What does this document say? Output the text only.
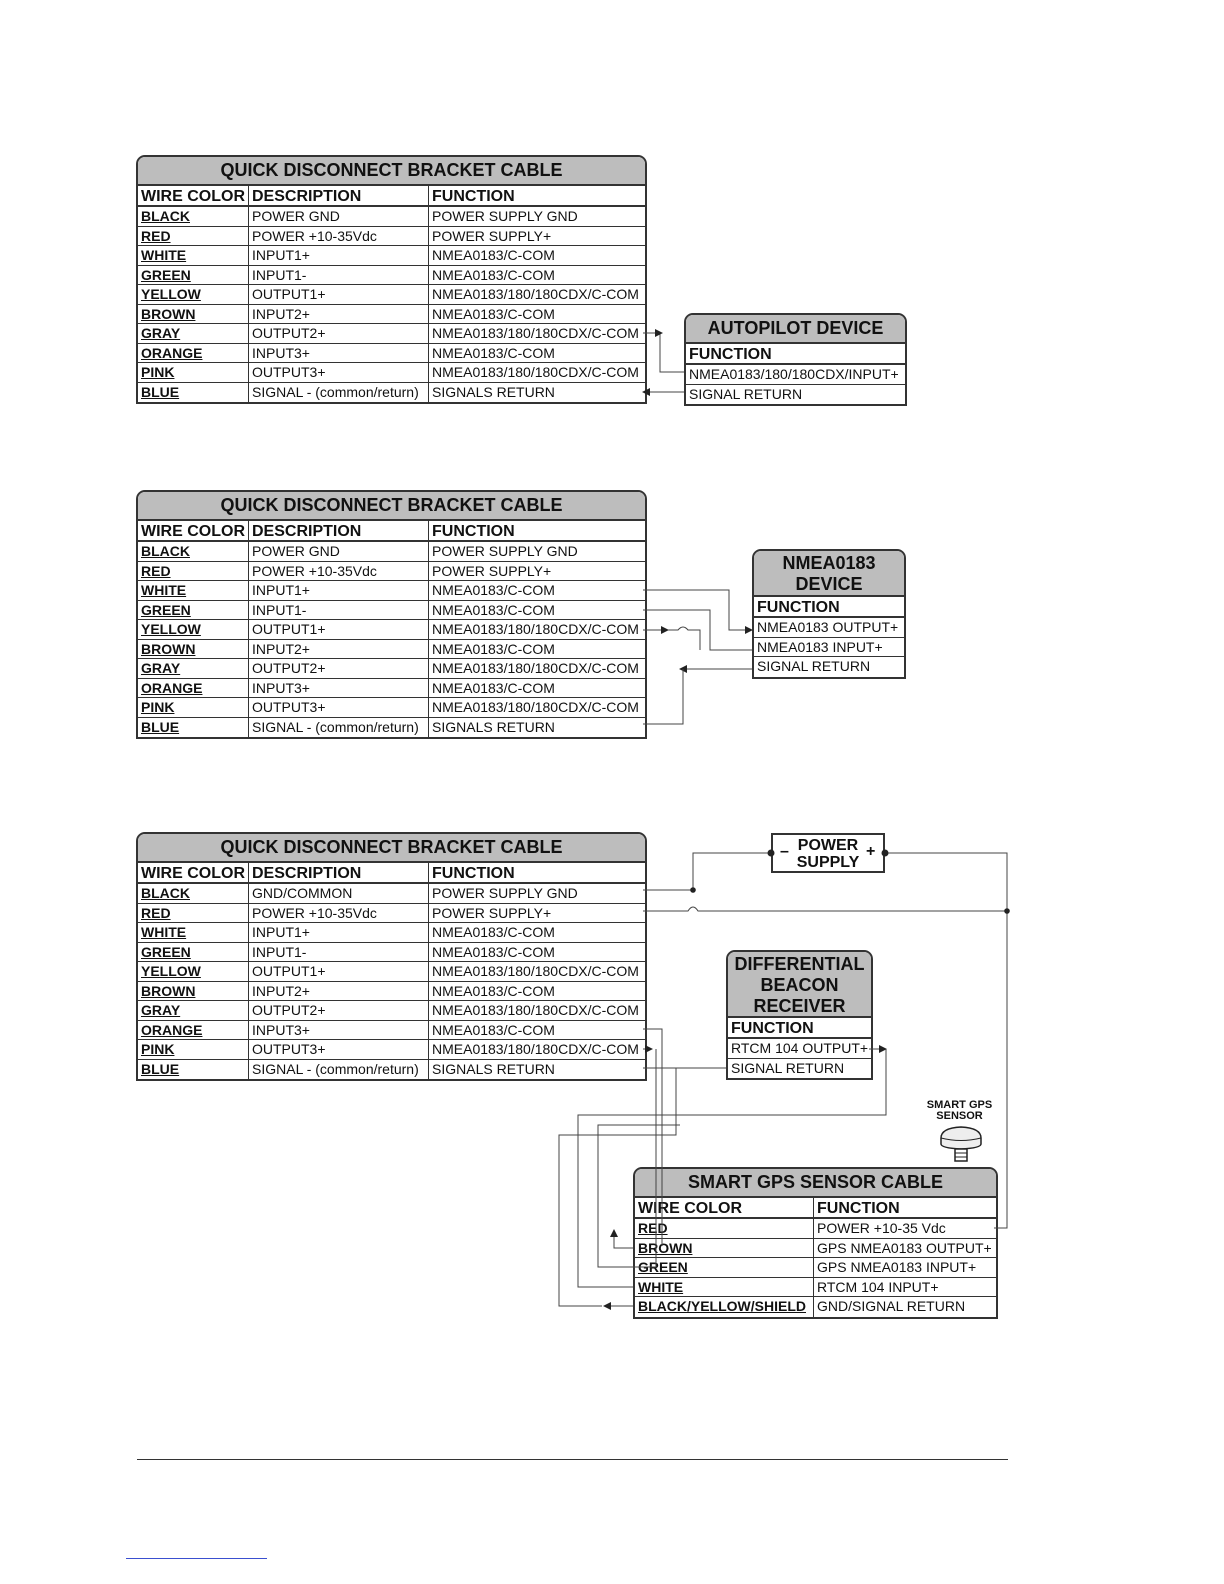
QUICK DISCONNECT BRACKET CABLE
WIRE COLOR DESCRIPTION	FUNCTION
BLACK	POWER GND	POWER SUPPLY GND
RED	POWER +10-35Vdc	POWER SUPPLY+
WHITE	INPUT1+	NMEA0183/C-COM
GREEN	INPUT1-	NMEA0183/C-COM
YELLOW	OUTPUT1+	NMEA0183/180/180CDX/C-COM
BROWN	INPUT2+	NMEA0183/C-COM
GRAY	OUTPUT2+	NMEA0183/180/180CDX/C-COM
ORANGE	INPUT3+	NMEA0183/C-COM
PINK	OUTPUT3+	NMEA0183/180/180CDX/C-COM
BLUE	SIGNAL - (common/return) SIGNALS RETURN
AUTOPILOT DEVICE
FUNCTION
NMEA0183/180/180CDX/INPUT+
SIGNAL RETURN
QUICK DISCONNECT BRACKET CABLE
WIRE COLOR DESCRIPTION	FUNCTION
BLACK	POWER GND	POWER SUPPLY GND
RED	POWER +10-35Vdc	POWER SUPPLY+
WHITE	INPUT1+	NMEA0183/C-COM
GREEN	INPUT1-	NMEA0183/C-COM
YELLOW	OUTPUT1+	NMEA0183/180/180CDX/C-COM
BROWN	INPUT2+	NMEA0183/C-COM
GRAY	OUTPUT2+	NMEA0183/180/180CDX/C-COM
ORANGE	INPUT3+	NMEA0183/C-COM
PINK	OUTPUT3+	NMEA0183/180/180CDX/C-COM
BLUE	SIGNAL - (common/return) SIGNALS RETURN
NMEA0183
DEVICE
FUNCTION
NMEA0183 OUTPUT+
NMEA0183 INPUT+
SIGNAL RETURN
QUICK DISCONNECT BRACKET CABLE
WIRE COLOR DESCRIPTION	FUNCTION
BLACK	GND/COMMON	POWER SUPPLY GND
RED	POWER +10-35Vdc	POWER SUPPLY+
WHITE	INPUT1+	NMEA0183/C-COM
GREEN	INPUT1-	NMEA0183/C-COM
YELLOW	OUTPUT1+	NMEA0183/180/180CDX/C-COM
BROWN	INPUT2+	NMEA0183/C-COM
GRAY	OUTPUT2+	NMEA0183/180/180CDX/C-COM
ORANGE	INPUT3+	NMEA0183/C-COM
PINK	OUTPUT3+	NMEA0183/180/180CDX/C-COM
BLUE	SIGNAL - (common/return) SIGNALS RETURN
POWER
SUPPLY
–	+
DIFFERENTIAL
BEACON
RECEIVER
FUNCTION
RTCM 104 OUTPUT+
SIGNAL RETURN
SMART GPS
SENSOR
SMART GPS SENSOR CABLE
WIRE COLOR	FUNCTION
RED	POWER +10-35 Vdc
BROWN	GPS NMEA0183 OUTPUT+
GREEN	GPS NMEA0183 INPUT+
WHITE	RTCM 104 INPUT+
BLACK/YELLOW/SHIELD GND/SIGNAL RETURN
